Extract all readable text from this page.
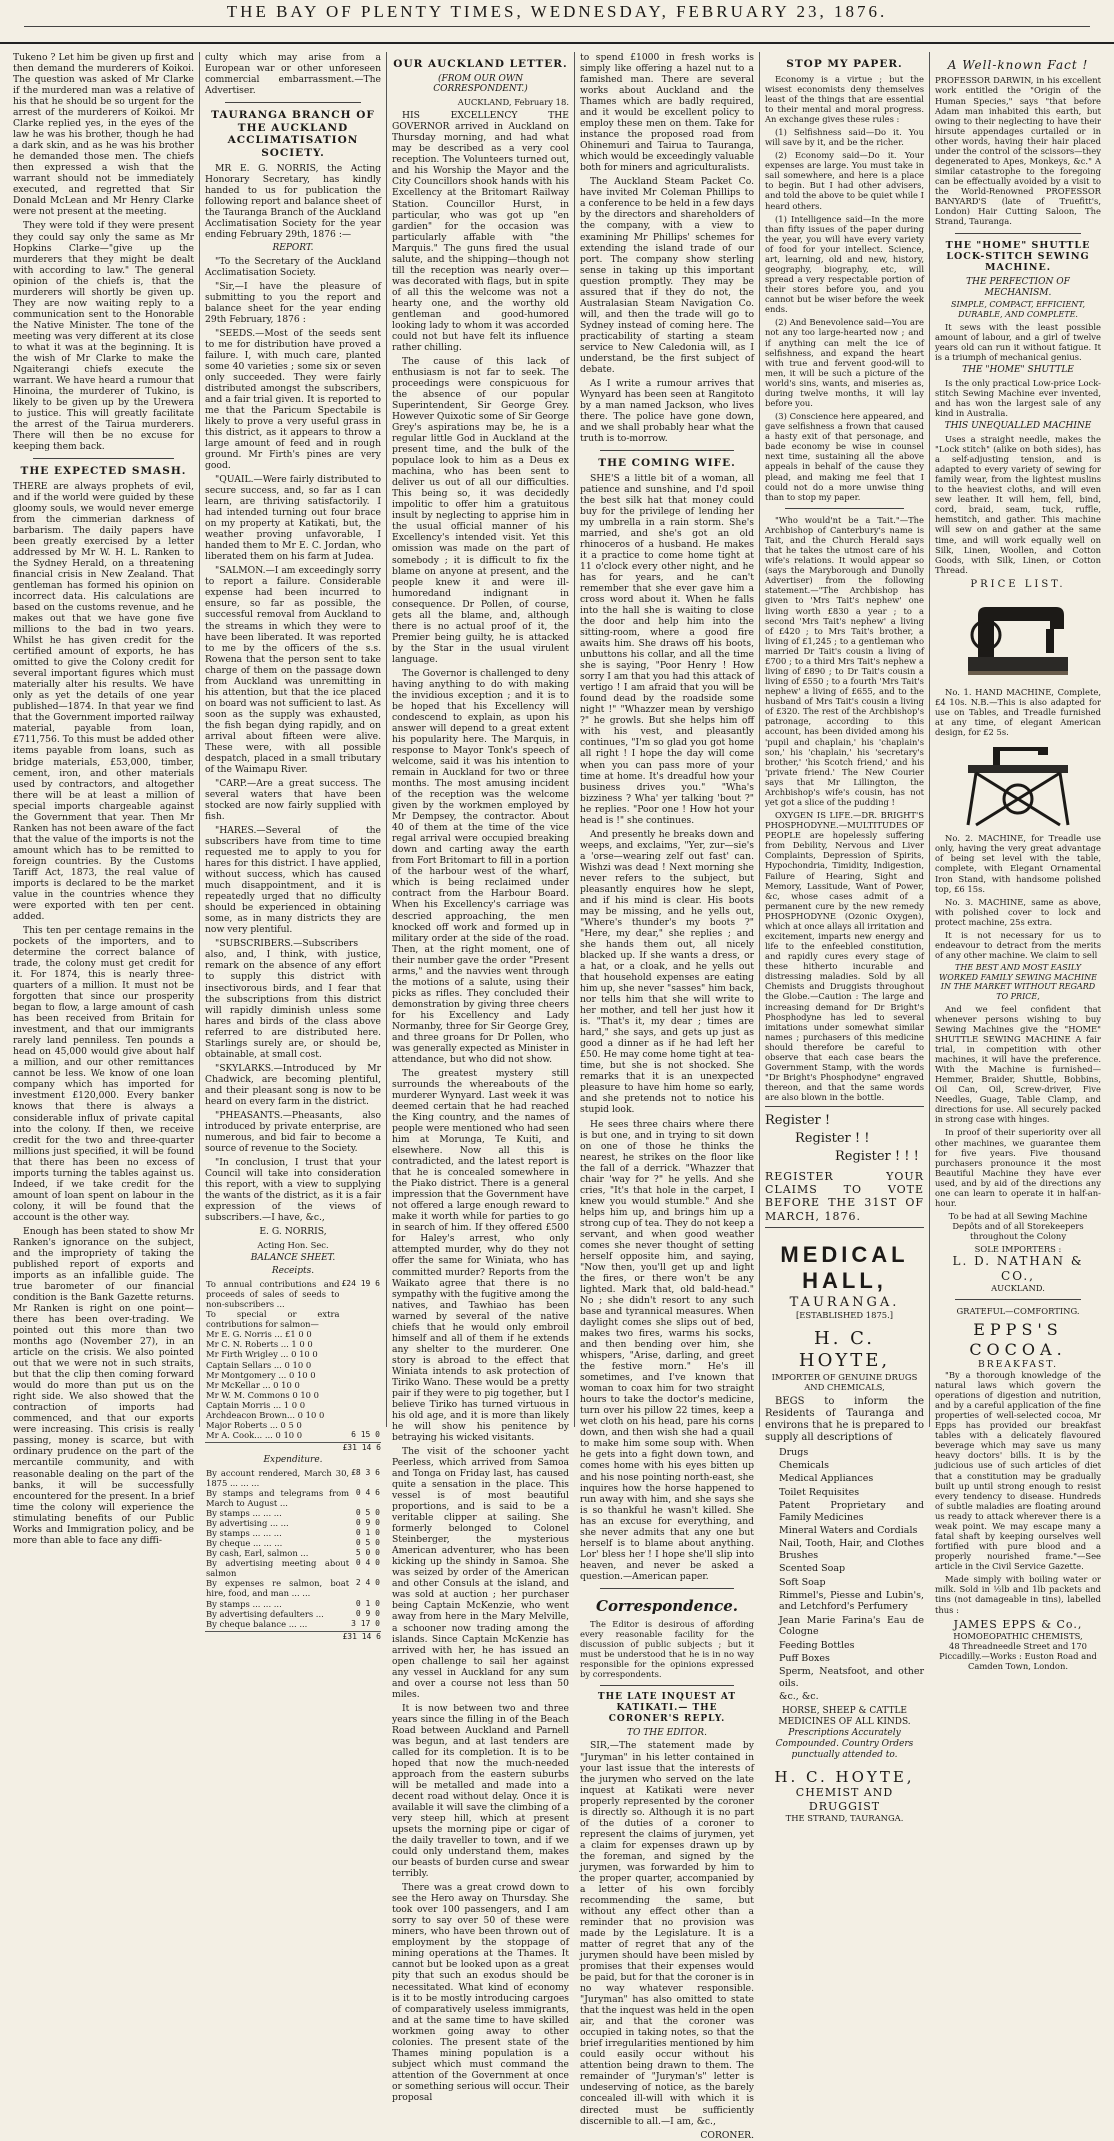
THE BAY OF PLENTY TIMES, WEDNESDAY, FEBRUARY 23, 1876.

Tukeno ? Let him be given up first and then demand the murderers of Koikoi. The question was asked of Mr Clarke if the murdered man was a relative of his that he should be so urgent for the arrest of the murderers of Koikoi. Mr Clarke replied yes, in the eyes of the law he was his brother, though he had a dark skin, and as he was his brother he demanded those men. The chiefs then expressed a wish that the warrant should not be immediately executed, and regretted that Sir Donald McLean and Mr Henry Clarke were not present at the meeting.

They were told if they were present they could say only the same as Mr Hopkins Clarke—"give up the murderers that they might be dealt with according to law." The general opinion of the chiefs is, that the murderers will shortly be given up. They are now waiting reply to a communication sent to the Honorable the Native Minister. The tone of the meeting was very different at its close to what it was at the beginning. It is the wish of Mr Clarke to make the Ngaiterangi chiefs execute the warrant. We have heard a rumour that Hinoina, the murderer of Tukino, is likely to be given up by the Urewera to justice. This will greatly facilitate the arrest of the Tairua murderers. There will then be no excuse for keeping them back.

THE EXPECTED SMASH.

THERE are always prophets of evil, and if the world were guided by these gloomy souls, we would never emerge from the cimmerian darkness of barbarism. The daily papers have been greatly exercised by a letter addressed by Mr W. H. L. Ranken to the Sydney Herald, on a threatening financial crisis in New Zealand. That gentleman has formed his opinion on incorrect data. His calculations are based on the customs revenue, and he makes out that we have gone five millions to the bad in two years. Whilst he has given credit for the certified amount of exports, he has omitted to give the Colony credit for several important figures which must materially alter his results. We have only as yet the details of one year published—1874. In that year we find that the Government imported railway material, payable from loan, £711,756. To this must be added other items payable from loans, such as bridge materials, £53,000, timber, cement, iron, and other materials used by contractors, and altogether there will be at least a million of special imports chargeable against the Government that year. Then Mr Ranken has not been aware of the fact that the value of the imports is not the amount which has to be remitted to foreign countries. By the Customs Tariff Act, 1873, the real value of imports is declared to be the market value in the countries whence they were exported with ten per cent. added.

This ten per centage remains in the pockets of the importers, and to determine the correct balance of trade, the colony must get credit for it. For 1874, this is nearly three-quarters of a million. It must not be forgotten that since our prosperity began to flow, a large amount of cash has been received from Britain for investment, and that our immigrants rarely land penniless. Ten pounds a head on 45,000 would give about half a million, and our other remittances cannot be less. We know of one loan company which has imported for investment £120,000. Every banker knows that there is always a considerable influx of private capital into the colony. If then, we receive credit for the two and three-quarter millions just specified, it will be found that there has been no excess of imports turning the tables against us. Indeed, if we take credit for the amount of loan spent on labour in the colony, it will be found that the account is the other way.

Enough has been stated to show Mr Ranken's ignorance on the subject, and the impropriety of taking the published report of exports and imports as an infallible guide. The true barometer of our financial condition is the Bank Gazette returns. Mr Ranken is right on one point—there has been over-trading. We pointed out this more than two months ago (November 27), in an article on the crisis. We also pointed out that we were not in such straits, but that the clip then coming forward would do more than put us on the right side. We also showed that the contraction of imports had commenced, and that our exports were increasing. This crisis is really passing, money is scarce, but with ordinary prudence on the part of the mercantile community, and with reasonable dealing on the part of the banks, it will be successfully encountered for the present. In a brief time the colony will experience the stimulating benefits of our Public Works and Immigration policy, and be more than able to face any diffi-

culty which may arise from a European war or other unforeseen commercial embarrassment.—The Advertiser.

TAURANGA BRANCH OF THE AUCKLAND ACCLIMATISATION SOCIETY.

MR E. G. NORRIS, the Acting Honorary Secretary, has kindly handed to us for publication the following report and balance sheet of the Tauranga Branch of the Auckland Acclimatisation Society for the year ending February 29th, 1876 :—

REPORT.

"To the Secretary of the Auckland Acclimatisation Society.

"Sir,—I have the pleasure of submitting to you the report and balance sheet for the year ending 29th February, 1876 :

"SEEDS.—Most of the seeds sent to me for distribution have proved a failure. I, with much care, planted some 40 varieties ; some six or seven only succeeded. They were fairly distributed amongst the subscribers, and a fair trial given. It is reported to me that the Paricum Spectabile is likely to prove a very useful grass in this district, as it appears to throw a large amount of feed and in rough ground. Mr Firth's pines are very good.

"QUAIL.—Were fairly distributed to secure success, and, so far as I can learn, are thriving satisfactorily. I had intended turning out four brace on my property at Katikati, but, the weather proving unfavorable, I handed them to Mr E. C. Jordan, who liberated them on his farm at Judea.

"SALMON.—I am exceedingly sorry to report a failure. Considerable expense had been incurred to ensure, so far as possible, the successful removal from Auckland to the streams in which they were to have been liberated. It was reported to me by the officers of the s.s. Rowena that the person sent to take charge of them on the passage down from Auckland was unremitting in his attention, but that the ice placed on board was not sufficient to last. As soon as the supply was exhausted, the fish began dying rapidly, and on arrival about fifteen were alive. These were, with all possible despatch, placed in a small tributary of the Waimapu River.

"CARP.—Are a great success. The several waters that have been stocked are now fairly supplied with fish.

"HARES.—Several of the subscribers have from time to time requested me to apply to you for hares for this district. I have applied, without success, which has caused much disappointment, and it is repeatedly urged that no difficulty should be experienced in obtaining some, as in many districts they are now very plentiful.

"SUBSCRIBERS.—Subscribers also, and, I think, with justice, remark on the absence of any effort to supply this district with insectivorous birds, and I fear that the subscriptions from this district will rapidly diminish unless some hares and birds of the class above referred to are distributed here. Starlings surely are, or should be, obtainable, at small cost.

"SKYLARKS.—Introduced by Mr Chadwick, are becoming plentiful, and their pleasant song is now to be heard on every farm in the district.

"PHEASANTS.—Pheasants, also introduced by private enterprise, are numerous, and bid fair to become a source of revenue to the Society.

"In conclusion, I trust that your Council will take into consideration this report, with a view to supplying the wants of the district, as it is a fair expression of the views of subscribers.—I have, &c.,

E. G. NORRIS,

Acting Hon. Sec.

BALANCE SHEET.
Receipts.
To annual contributions and proceeds of sales of seeds to non-subscribers ...	£24 19 6
To special or extra contributions for salmon—	
Mr E. G. Norris ... £1 0 0	
Mr C. N. Roberts ... 1 0 0	
Mr Firth Wrigley ... 0 10 0	
Captain Sellars ... 0 10 0	
Mr Montgomery ... 0 10 0	
Mr McKellar ... 0 10 0	
Mr W. M. Commons 0 10 0	
Captain Morris ... 1 0 0	
Archdeacon Brown... 0 10 0	
Major Roberts ... 0 5 0	
Mr A. Cook... ... 0 10 0	6 15 0
£31 14 6
Expenditure.
By account rendered, March 30, 1875 ... ... ...	£8 3 6
By stamps and telegrams from March to August ...	0 4 6
By stamps ... ... ...	0 5 0
By advertising ... ...	0 9 0
By stamps ... ... ...	0 1 0
By cheque ... ... ...	0 5 0
By cash, Earl, salmon ...	5 0 0
By advertising meeting about salmon	0 4 0
By expenses re salmon, boat hire, food, and man ... ...	2 4 0
By stamps ... ... ...	0 1 0
By advertising defaulters ...	0 9 0
By cheque balance ... ...	3 17 0
£31 14 6
OUR AUCKLAND LETTER.
(FROM OUR OWN CORRESPONDENT.)

AUCKLAND, February 18.

HIS EXCELLENCY THE GOVERNOR arrived in Auckland on Thursday morning, and had what may be described as a very cool reception. The Volunteers turned out, and his Worship the Mayor and the City Councillors shook hands with his Excellency at the Britomart Railway Station. Councillor Hurst, in particular, who was got up "en gardien" for the occasion was particularly affable with "the Marquis." The guns fired the usual salute, and the shipping—though not till the reception was nearly over—was decorated with flags, but in spite of all this the welcome was not a hearty one, and the worthy old gentleman and good-humored looking lady to whom it was accorded could not but have felt its influence rather chilling.

The cause of this lack of enthusiasm is not far to seek. The proceedings were conspicuous for the absence of our popular Superintendent, Sir George Grey. However Quixotic some of Sir George Grey's aspirations may be, he is a regular little God in Auckland at the present time, and the bulk of the populace look to him as a Deus ex machina, who has been sent to deliver us out of all our difficulties. This being so, it was decidedly impolitic to offer him a gratuitous insult by neglecting to apprise him in the usual official manner of his Excellency's intended visit. Yet this omission was made on the part of somebody ; it is difficult to fix the blame on anyone at present, and the people knew it and were ill-humoredand indignant in consequence. Dr Pollen, of course, gets all the blame, and, although there is no actual proof of it, the Premier being guilty, he is attacked by the Star in the usual virulent language.

The Governor is challenged to deny having anything to do with making the invidious exception ; and it is to be hoped that his Excellency will condescend to explain, as upon his answer will depend to a great extent his popularity here. The Marquis, in response to Mayor Tonk's speech of welcome, said it was his intention to remain in Auckland for two or three months. The most amusing incident of the reception was the welcome given by the workmen employed by Mr Dempsey, the contractor. About 40 of them at the time of the vice regal arrival were occupied breaking down and carting away the earth from Fort Britomart to fill in a portion of the harbour west of the wharf, which is being reclaimed under contract from the Harbour Board. When his Excellency's carriage was descried approaching, the men knocked off work and formed up in military order at the side of the road. Then, at the right moment, one of their number gave the order "Present arms," and the navvies went through the motions of a salute, using their picks as rifles. They concluded their demonstration by giving three cheers for his Excellency and Lady Normanby, three for Sir George Grey, and three groans for Dr Pollen, who was generally expected as Minister in attendance, but who did not show.

The greatest mystery still surrounds the whereabouts of the murderer Wynyard. Last week it was deemed certain that he had reached the King country, and the names of people were mentioned who had seen him at Morunga, Te Kuiti, and elsewhere. Now all this is contradicted, and the latest report is that he is concealed somewhere in the Piako district. There is a general impression that the Government have not offered a large enough reward to make it worth while for parties to go in search of him. If they offered £500 for Haley's arrest, who only attempted murder, why do they not offer the same for Winiata, who has committed murder? Reports from the Waikato agree that there is no sympathy with the fugitive among the natives, and Tawhiao has been warned by several of the native chiefs that he would only embroil himself and all of them if he extends any shelter to the murderer. One story is abroad to the effect that Winiata intends to ask protection of Tiriko Wano. These would be a pretty pair if they were to pig together, but I believe Tiriko has turned virtuous in his old age, and it is more than likely he will show his penitence by betraying his wicked visitants.

The visit of the schooner yacht Peerless, which arrived from Samoa and Tonga on Friday last, has caused quite a sensation in the place. This vessel is of most beautiful proportions, and is said to be a veritable clipper at sailing. She formerly belonged to Colonel Steinberger, the mysterious American adventurer, who has been kicking up the shindy in Samoa. She was seized by order of the American and other Consuls at the island, and was sold at auction ; her purchaser being Captain McKenzie, who went away from here in the Mary Melville, a schooner now trading among the islands. Since Captain McKenzie has arrived with her, he has issued an open challenge to sail her against any vessel in Auckland for any sum and over a course not less than 50 miles.

It is now between two and three years since the filling in of the Beach Road between Auckland and Parnell was begun, and at last tenders are called for its completion. It is to be hoped that now the much-needed approach from the eastern suburbs will be metalled and made into a decent road without delay. Once it is available it will save the climbing of a very steep hill, which at present upsets the morning pipe or cigar of the daily traveller to town, and if we could only understand them, makes our beasts of burden curse and swear terribly.

There was a great crowd down to see the Hero away on Thursday. She took over 100 passengers, and I am sorry to say over 50 of these were miners, who have been thrown out of employment by the stoppage of mining operations at the Thames. It cannot but be looked upon as a great pity that such an exodus should be necessitated. What kind of economy is it to be mostly introducing cargoes of comparatively useless immigrants, and at the same time to have skilled workmen going away to other colonies. The present state of the Thames mining population is a subject which must command the attention of the Government at once or something serious will occur. Their proposal

to spend £1000 in fresh works is simply like offering a hazel nut to a famished man. There are several works about Auckland and the Thames which are badly required, and it would be excellent policy to employ these men on them. Take for instance the proposed road from Ohinemuri and Tairua to Tauranga, which would be exceedingly valuable both for miners and agriculturalists.

The Auckland Steam Packet Co. have invited Mr Coleman Phillips to a conference to be held in a few days by the directors and shareholders of the company, with a view to examining Mr Phillips' schemes for extending the island trade of our port. The company show sterling sense in taking up this important question promptly. They may be assured that if they do not, the Australasian Steam Navigation Co. will, and then the trade will go to Sydney instead of coming here. The practicability of starting a steam service to New Caledonia will, as I understand, be the first subject of debate.

As I write a rumour arrives that Wynyard has been seen at Rangitoto by a man named Jackson, who lives there. The police have gone down, and we shall probably hear what the truth is to-morrow.

THE COMING WIFE.

SHE'S a little bit of a woman, all patience and sunshine, and I'd spoil the best silk hat that money could buy for the privilege of lending her my umbrella in a rain storm. She's married, and she's got an old rhinoceros of a husband. He makes it a practice to come home tight at 11 o'clock every other night, and he has for years, and he can't remember that she ever gave him a cross word about it. When he falls into the hall she is waiting to close the door and help him into the sitting-room, where a good fire awaits him. She draws off his boots, unbuttons his collar, and all the time she is saying, "Poor Henry ! How sorry I am that you had this attack of vertigo ! I am afraid that you will be found dead by the roadside some night !" "Whazzer mean by vershigo ?" he growls. But she helps him off with his vest, and pleasantly continues, "I'm so glad you got home all right ! I hope the day will come when you can pass more of your time at home. It's dreadful how your business drives you." "Wha's bizziness ? Wha' yer talking 'bout ?" he replies. "Poor one ! How hot your head is !" she continues.

And presently he breaks down and weeps, and exclaims, "Yer, zur—sie's a 'orse—wearing zelf out fast' can. Wishzi was dead ! Next morning she never refers to the subject, but pleasantly enquires how he slept, and if his mind is clear. His boots may be missing, and he yells out, "Where's thunder's my boots ?" "Here, my dear," she replies ; and she hands them out, all nicely blacked up. If she wants a dress, or a hat, or a cloak, and he yells out that household expenses are eating him up, she never "sasses" him back, nor tells him that she will write to her mother, and tell her just how it is. "That's it, my dear ; times are hard," she says, and gets up just as good a dinner as if he had left her £50. He may come home tight at tea-time, but she is not shocked. She remarks that it is an unexpected pleasure to have him home so early, and she pretends not to notice his stupid look.

He sees three chairs where there is but one, and in trying to sit down on one of those he thinks the nearest, he strikes on the floor like the fall of a derrick. "Whazzer that chair 'way for ?" he yells. And she cries, "It's that hole in the carpet, I knew you would stumble." And she helps him up, and brings him up a strong cup of tea. They do not keep a servant, and when good weather comes she never thought of setting herself opposite him, and saying, "Now then, you'll get up and light the fires, or there won't be any lighted. Mark that, old bald-head." No ; she didn't resort to any such base and tyrannical measures. When daylight comes she slips out of bed, makes two fires, warms his socks, and then bending over him, she whispers, "Arise, darling, and greet the festive morn." He's ill sometimes, and I've known that woman to coax him for two straight hours to take the doctor's medicine, turn over his pillow 22 times, keep a wet cloth on his head, pare his corns down, and then wish she had a quail to make him some soup with. When he gets into a fight down town, and comes home with his eyes bitten up and his nose pointing north-east, she inquires how the horse happened to run away with him, and she says she is so thankful he wasn't killed. She has an excuse for everything, and she never admits that any one but herself is to blame about anything. Lor' bless her ! I hope she'll slip into heaven, and never be asked a question.—American paper.

Correspondence.

The Editor is desirous of affording every reasonable facility for the discussion of public subjects ; but it must be understood that he is in no way responsible for the opinions expressed by correspondents.

THE LATE INQUEST AT KATIKATI.— THE CORONER'S REPLY.
TO THE EDITOR.

SIR,—The statement made by "Juryman" in his letter contained in your last issue that the interests of the jurymen who served on the late inquest at Katikati were never properly represented by the coroner is directly so. Although it is no part of the duties of a coroner to represent the claims of jurymen, yet a claim for expenses drawn up by the foreman, and signed by the jurymen, was forwarded by him to the proper quarter, accompanied by a letter of his own forcibly recommending the same, but without any effect other than a reminder that no provision was made by the Legislature. It is a matter of regret that any of the jurymen should have been misled by promises that their expenses would be paid, but for that the coroner is in no way whatever responsible. "Juryman" has also omitted to state that the inquest was held in the open air, and that the coroner was occupied in taking notes, so that the brief irregularities mentioned by him could easily occur without his attention being drawn to them. The remainder of "Juryman's" letter is undeserving of notice, as the barely concealed ill-will with which it is directed must be sufficiently discernible to all.—I am, &c.,

CORONER.

STOP MY PAPER.

Economy is a virtue ; but the wisest economists deny themselves least of the things that are essential to their mental and moral progress. An exchange gives these rules :

(1) Selfishness said—Do it. You will save by it, and be the richer.

(2) Economy said—Do it. Your expenses are large. You must take in sail somewhere, and here is a place to begin. But I had other advisers, and told the above to be quiet while I heard others.

(1) Intelligence said—In the more than fifty issues of the paper during the year, you will have every variety of food for your intellect. Science, art, learning, old and new, history, geography, biography, etc, will spread a very respectable portion of their stores before you, and you cannot but be wiser before the week ends.

(2) And Benevolence said—You are not any too large-hearted now ; and if anything can melt the ice of selfishness, and expand the heart with true and fervent good-will to men, it will be such a picture of the world's sins, wants, and miseries as, during twelve months, it will lay before you.

(3) Conscience here appeared, and gave selfishness a frown that caused a hasty exit of that personage, and bade economy be wise in counsel next time, sustaining all the above appeals in behalf of the cause they plead, and making me feel that I could not do a more unwise thing than to stop my paper.

"Who would'nt be a Tait."—The Archbishop of Canterbury's name is Tait, and the Church Herald says that he takes the utmost care of his wife's relations. It would appear so (says the Maryborough and Dunolly Advertiser) from the following statement.—"The Archbishop has given to 'Mrs Tait's nephew' one living worth £830 a year ; to a second 'Mrs Tait's nephew' a living of £420 ; to Mrs Tait's brother, a living of £1,245 ; to a gentleman who married Dr Tait's cousin a living of £700 ; to a third Mrs Tait's nephew a living of £890 ; to Dr Tait's cousin a living of £550 ; to a fourth 'Mrs Tait's nephew' a living of £655, and to the husband of Mrs Tait's cousin a living of £320. The rest of the Archbishop's patronage, according to this account, has been divided among his 'pupil and chaplain,' his 'chaplain's son,' his 'chaplain,' his 'secretary's brother,' 'his Scotch friend,' and his 'private friend.' The New Courier says that Mr Lillington, the Archbishop's wife's cousin, has not yet got a slice of the pudding !

OXYGEN IS LIFE.—DR. BRIGHT'S PHOSPHODYNE.—MULTITUDES OF PEOPLE are hopelessly suffering from Debility, Nervous and Liver Complaints, Depression of Spirits, Hypochondria, Timidity, Indigestion, Failure of Hearing, Sight and Memory, Lassitude, Want of Power, &c, whose cases admit of a permanent cure by the new remedy PHOSPHODYNE (Ozonic Oxygen), which at once allays all irritation and excitement, imparts new energy and life to the enfeebled constitution, and rapidly cures every stage of these hitherto incurable and distressing maladies. Sold by all Chemists and Druggists throughout the Globe.—Caution : The large and increasing demand for Dr Bright's Phosphodyne has led to several imitations under somewhat similar names ; purchasers of this medicine should therefore be careful to observe that each case bears the Government Stamp, with the words "Dr Bright's Phosphodyne" engraved thereon, and that the same words are also blown in the bottle.

Register !
Register ! !
Register ! ! !
REGISTER YOUR CLAIMS TO VOTE BEFORE THE 31ST OF MARCH, 1876.
MEDICAL HALL,
TAURANGA.
[ESTABLISHED 1875.]
H. C. HOYTE,
IMPORTER OF GENUINE DRUGS AND CHEMICALS,

BEGS to inform the Residents of Tauranga and environs that he is prepared to supply all descriptions of

Drugs
Chemicals
Medical Appliances
Toilet Requisites
Patent Proprietary and Family Medicines
Mineral Waters and Cordials
Nail, Tooth, Hair, and Clothes Brushes
Scented Soap
Soft Soap
Rimmel's, Piesse and Lubin's, and Letchford's Perfumery
Jean Marie Farina's Eau de Cologne
Feeding Bottles
Puff Boxes
Sperm, Neatsfoot, and other oils.
&c., &c.
HORSE, SHEEP & CATTLE MEDICINES OF ALL KINDS.
Prescriptions Accurately Compounded. Country Orders punctually attended to.
H. C. HOYTE,
CHEMIST AND DRUGGIST
THE STRAND, TAURANGA.
A Well-known Fact !

PROFESSOR DARWIN, in his excellent work entitled the "Origin of the Human Species," says "that before Adam man inhabited this earth, but owing to their neglecting to have their hirsute appendages curtailed or in other words, having their hair placed under the control of the scissors—they degenerated to Apes, Monkeys, &c." A similar catastrophe to the foregoing can be effectually avoided by a visit to the World-Renowned PROFESSOR BANYARD'S (late of Truefitt's, London) Hair Cutting Saloon, The Strand, Tauranga.

THE "HOME" SHUTTLE LOCK-STITCH SEWING MACHINE.
THE PERFECTION OF MECHANISM.
SIMPLE, COMPACT, EFFICIENT, DURABLE, AND COMPLETE.

It sews with the least possible amount of labour, and a girl of twelve years old can run it without fatigue. It is a triumph of mechanical genius.

THE "HOME" SHUTTLE

Is the only practical Low-price Lock-stitch Sewing Machine ever invented, and has won the largest sale of any kind in Australia.

THIS UNEQUALLED MACHINE

Uses a straight needle, makes the "Lock stitch" (alike on both sides), has a self-adjusting tension, and is adapted to every variety of sewing for family wear, from the lightest muslins to the heaviest cloths, and will even sew leather. It will hem, fell, bind, cord, braid, seam, tuck, ruffle, hemstitch, and gather. This machine will sew on and gather at the same time, and will work equally well on Silk, Linen, Woollen, and Cotton Goods, with Silk, Linen, or Cotton Thread.

PRICE LIST.

No. 1. HAND MACHINE, Complete, £4 10s. N.B.—This is also adapted for use on Tables, and Treadle furnished at any time, of elegant American design, for £2 5s.

No. 2. MACHINE, for Treadle use only, having the very great advantage of being set level with the table, complete, with Elegant Ornamental Iron Stand, with handsome polished top, £6 15s.

No. 3. MACHINE, same as above, with polished cover to lock and protect machine, 25s extra.

It is not necessary for us to endeavour to detract from the merits of any other machine. We claim to sell

THE BEST AND MOST EASILY WORKED FAMILY SEWING MACHINE IN THE MARKET WITHOUT REGARD TO PRICE,

And we feel confident that whenever persons wishing to buy Sewing Machines give the "HOME" SHUTTLE SEWING MACHINE A fair trial, in competition with other machines, it will have the preference. With the Machine is furnished—Hemmer, Braider, Shuttle, Bobbins, Oil Can, Oil, Screw-driver, Five Needles, Guage, Table Clamp, and directions for use. All securely packed in strong case with hinges.

In proof of their superiority over all other machines, we guarantee them for five years. Five thousand purchasers pronounce it the most Beautiful Machine they have ever used, and by aid of the directions any one can learn to operate it in half-an-hour.

To be had at all Sewing Machine Depôts and of all Storekeepers throughout the Colony

SOLE IMPORTERS :
L. D. NATHAN & CO.,
AUCKLAND.
GRATEFUL—COMFORTING.
EPPS'S COCOA.
BREAKFAST.

"By a thorough knowledge of the natural laws which govern the operations of digestion and nutrition, and by a careful application of the fine properties of well-selected cocoa, Mr Epps has provided our breakfast tables with a delicately flavoured beverage which may save us many heavy doctors' bills. It is by the judicious use of such articles of diet that a constitution may be gradually built up until strong enough to resist every tendency to disease. Hundreds of subtle maladies are floating around us ready to attack wherever there is a weak point. We may escape many a fatal shaft by keeping ourselves well fortified with pure blood and a properly nourished frame."—See article in the Civil Service Gazette.

Made simply with boiling water or milk. Sold in ½lb and 1lb packets and tins (not damageable in tins), labelled thus :

JAMES EPPS & Co.,
HOMOEOPATHIC CHEMISTS,
48 Threadneedle Street and 170 Piccadilly.—Works : Euston Road and Camden Town, London.
